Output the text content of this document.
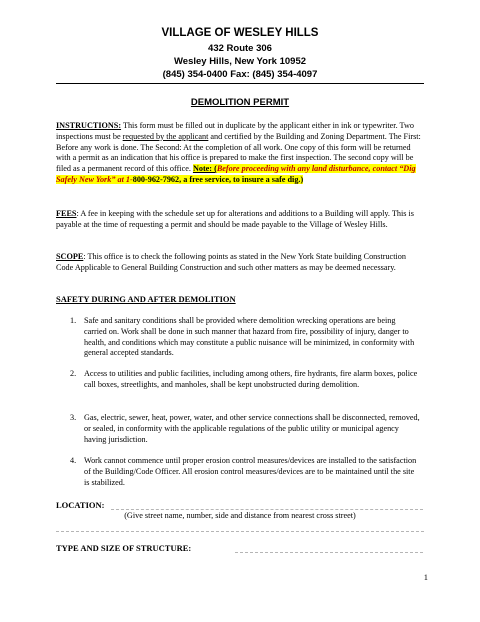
VILLAGE OF WESLEY HILLS
432 Route 306
Wesley Hills, New York 10952
(845) 354-0400 Fax: (845) 354-4097
DEMOLITION PERMIT
INSTRUCTIONS: This form must be filled out in duplicate by the applicant either in ink or typewriter. Two inspections must be requested by the applicant and certified by the Building and Zoning Department. The First: Before any work is done. The Second: At the completion of all work. One copy of this form will be returned with a permit as an indication that his office is prepared to make the first inspection. The second copy will be filed as a permanent record of this office. Note: (Before proceeding with any land disturbance, contact “Dig Safely New York” at 1-800-962-7962, a free service, to insure a safe dig.)
FEES: A fee in keeping with the schedule set up for alterations and additions to a Building will apply. This is payable at the time of requesting a permit and should be made payable to the Village of Wesley Hills.
SCOPE: This office is to check the following points as stated in the New York State building Construction Code Applicable to General Building Construction and such other matters as may be deemed necessary.
SAFETY DURING AND AFTER DEMOLITION
1. Safe and sanitary conditions shall be provided where demolition wrecking operations are being carried on. Work shall be done in such manner that hazard from fire, possibility of injury, danger to health, and conditions which may constitute a public nuisance will be minimized, in conformity with general accepted standards.
2. Access to utilities and public facilities, including among others, fire hydrants, fire alarm boxes, police call boxes, streetlights, and manholes, shall be kept unobstructed during demolition.
3. Gas, electric, sewer, heat, power, water, and other service connections shall be disconnected, removed, or sealed, in conformity with the applicable regulations of the public utility or municipal agency having jurisdiction.
4. Work cannot commence until proper erosion control measures/devices are installed to the satisfaction of the Building/Code Officer. All erosion control measures/devices are to be maintained until the site is stabilized.
LOCATION:
(Give street name, number, side and distance from nearest cross street)
TYPE AND SIZE OF STRUCTURE:
1
